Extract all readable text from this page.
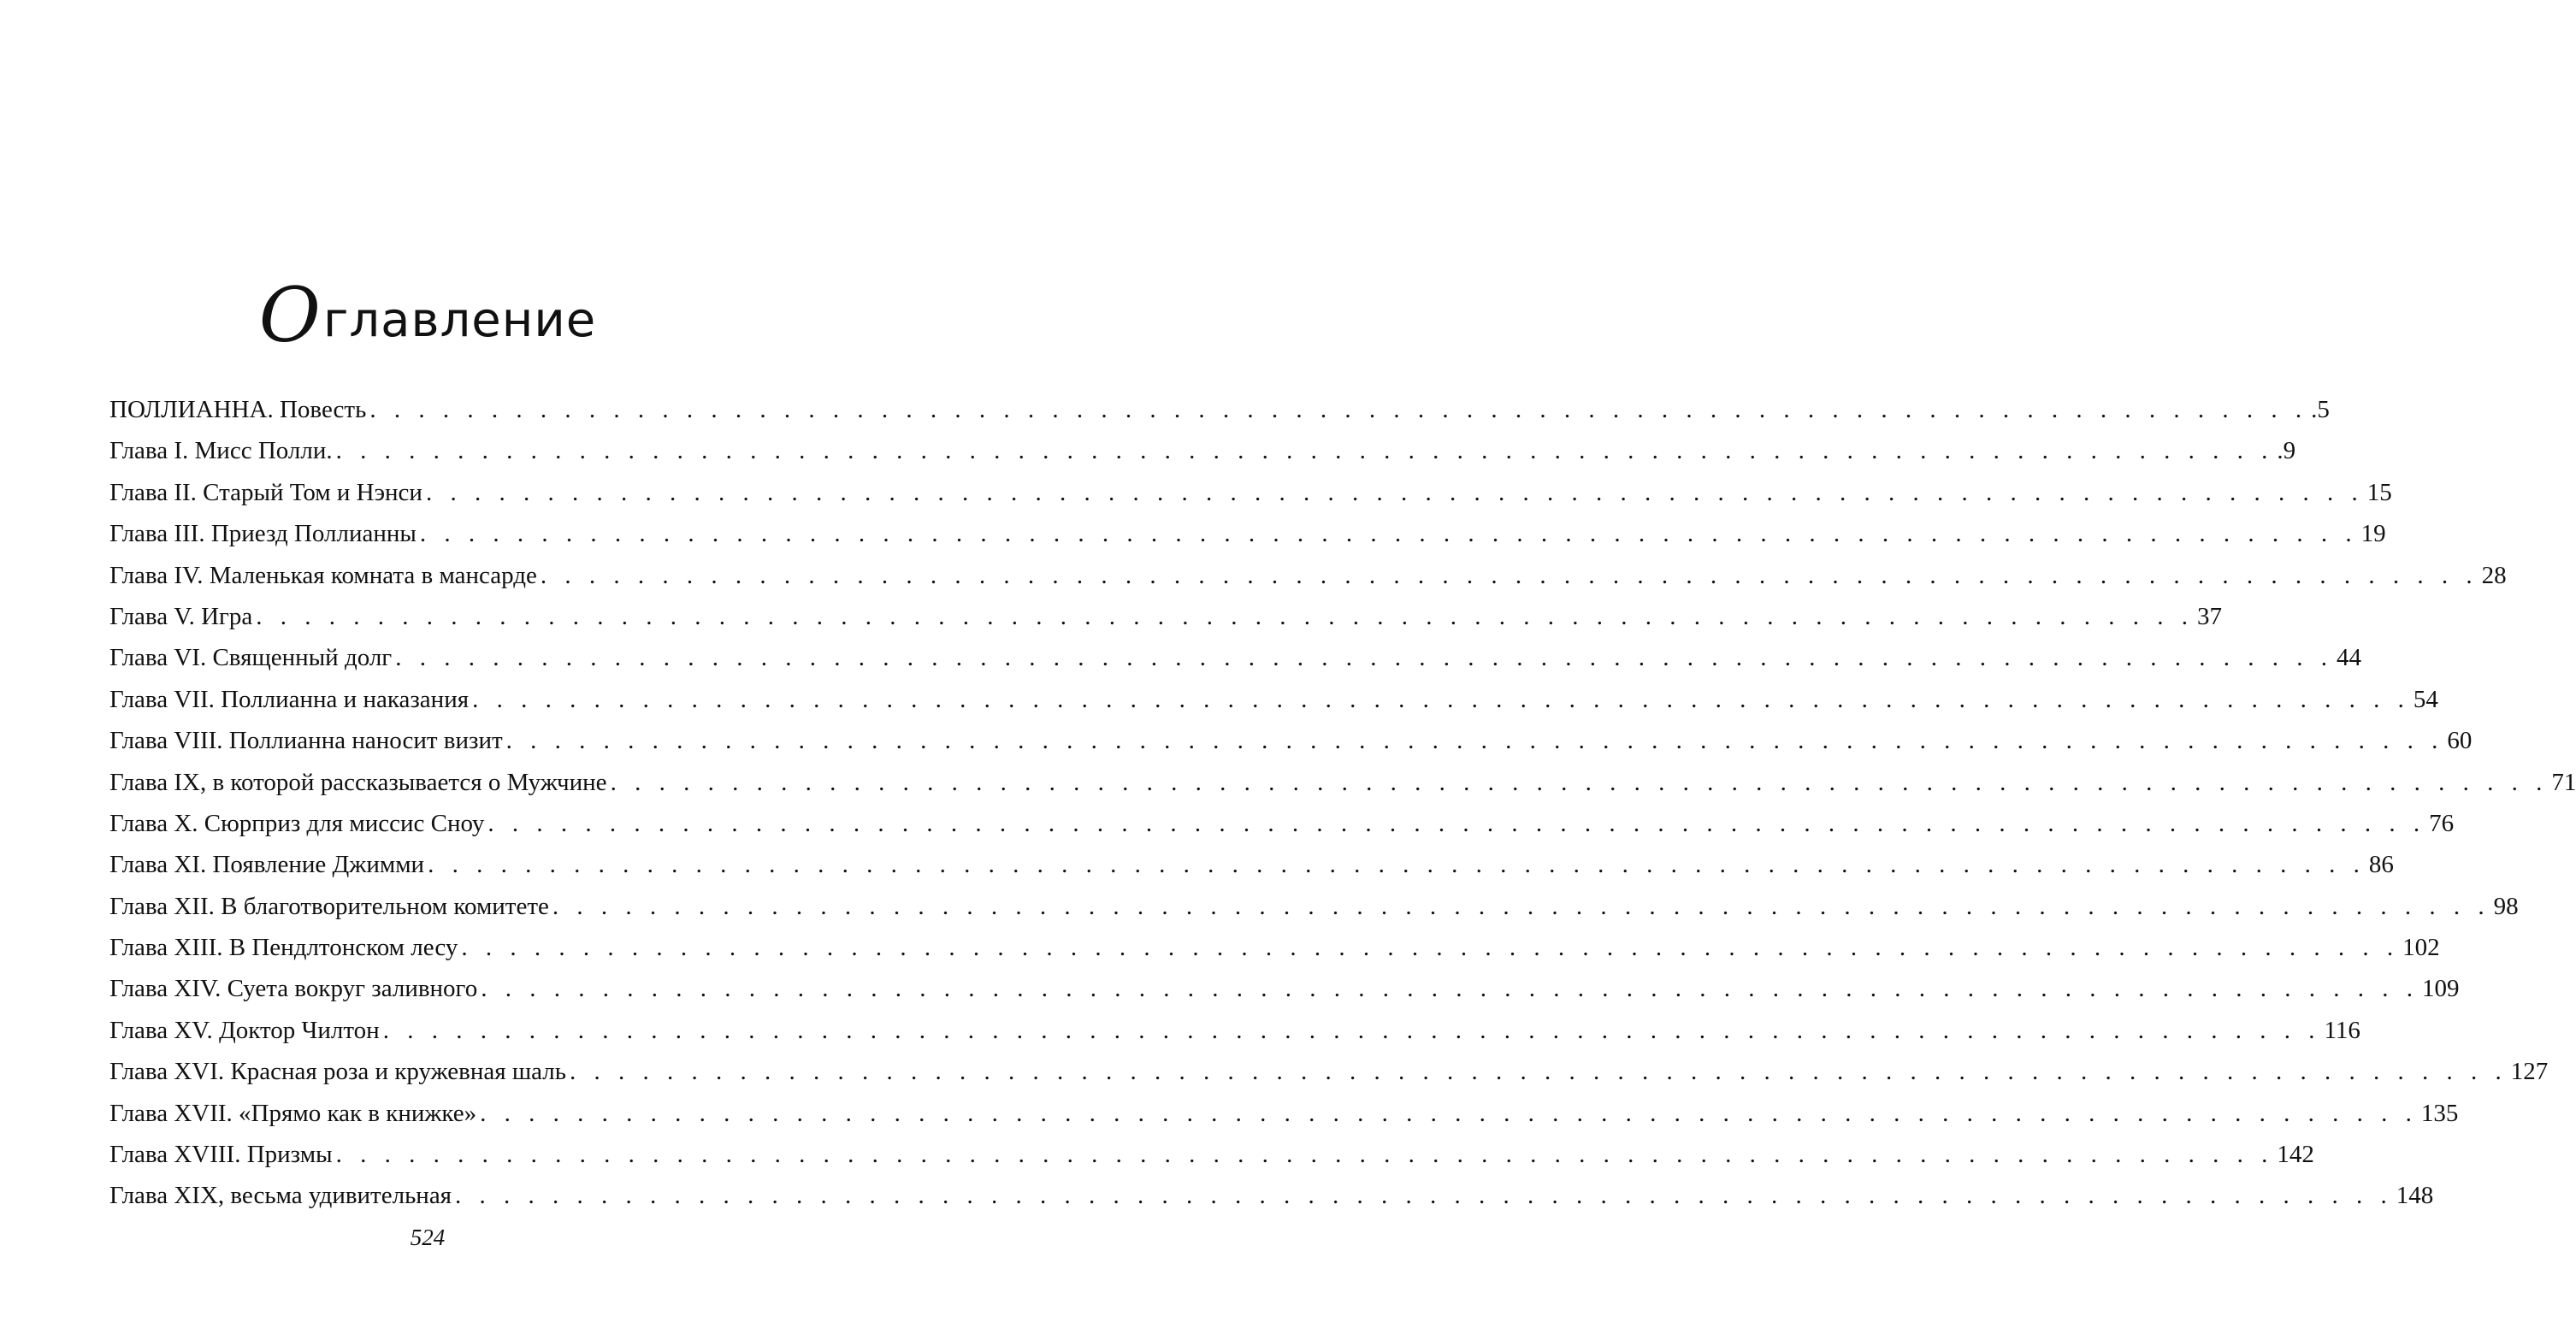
Оглавление
ПОЛЛИАННА. Повесть . . . . . . . . . . . . . . . . . . . . . . . . . . . . . . . . . . . . . . . . . . . . . . . . . . . . . . . . . . . . . . . . . . . . . . . . . . . . . . . . .5
Глава I. Мисс Полли. . . . . . . . . . . . . . . . . . . . . . . . . . . . . . . . . . . . . . . . . . . . . . . . . . . . . . . . . . . . . . . . . . . . . . . . . . . . . . . . . .9
Глава II. Старый Том и Нэнси . . . . . . . . . . . . . . . . . . . . . . . . . . . . . . . . . . . . . . . . . . . . . . . . . . . . . . . . . . . . . . . . . . . . . . . . . . . . . . . . 15
Глава III. Приезд Поллианны . . . . . . . . . . . . . . . . . . . . . . . . . . . . . . . . . . . . . . . . . . . . . . . . . . . . . . . . . . . . . . . . . . . . . . . . . . . . . . . . 19
Глава IV. Маленькая комната в мансарде . . . . . . . . . . . . . . . . . . . . . . . . . . . . . . . . . . . . . . . . . . . . . . . . . . . . . . . . . . . . . . . . . . . . . . . . . . . . . . . . 28
Глава V. Игра . . . . . . . . . . . . . . . . . . . . . . . . . . . . . . . . . . . . . . . . . . . . . . . . . . . . . . . . . . . . . . . . . . . . . . . . . . . . . . . . 37
Глава VI. Священный долг . . . . . . . . . . . . . . . . . . . . . . . . . . . . . . . . . . . . . . . . . . . . . . . . . . . . . . . . . . . . . . . . . . . . . . . . . . . . . . . . 44
Глава VII. Поллианна и наказания . . . . . . . . . . . . . . . . . . . . . . . . . . . . . . . . . . . . . . . . . . . . . . . . . . . . . . . . . . . . . . . . . . . . . . . . . . . . . . . . 54
Глава VIII. Поллианна наносит визит . . . . . . . . . . . . . . . . . . . . . . . . . . . . . . . . . . . . . . . . . . . . . . . . . . . . . . . . . . . . . . . . . . . . . . . . . . . . . . . . 60
Глава IX, в которой рассказывается о Мужчине . . . . . . . . . . . . . . . . . . . . . . . . . . . . . . . . . . . . . . . . . . . . . . . . . . . . . . . . . . . . . . . . . . . . . . . . . . . . . . . . 71
Глава X. Сюрприз для миссис Сноу . . . . . . . . . . . . . . . . . . . . . . . . . . . . . . . . . . . . . . . . . . . . . . . . . . . . . . . . . . . . . . . . . . . . . . . . . . . . . . . . 76
Глава XI. Появление Джимми . . . . . . . . . . . . . . . . . . . . . . . . . . . . . . . . . . . . . . . . . . . . . . . . . . . . . . . . . . . . . . . . . . . . . . . . . . . . . . . . 86
Глава XII. В благотворительном комитете . . . . . . . . . . . . . . . . . . . . . . . . . . . . . . . . . . . . . . . . . . . . . . . . . . . . . . . . . . . . . . . . . . . . . . . . . . . . . . . . 98
Глава XIII. В Пендлтонском лесу . . . . . . . . . . . . . . . . . . . . . . . . . . . . . . . . . . . . . . . . . . . . . . . . . . . . . . . . . . . . . . . . . . . . . . . . . . . . . . . . 102
Глава XIV. Суета вокруг заливного . . . . . . . . . . . . . . . . . . . . . . . . . . . . . . . . . . . . . . . . . . . . . . . . . . . . . . . . . . . . . . . . . . . . . . . . . . . . . . . . 109
Глава XV. Доктор Чилтон . . . . . . . . . . . . . . . . . . . . . . . . . . . . . . . . . . . . . . . . . . . . . . . . . . . . . . . . . . . . . . . . . . . . . . . . . . . . . . . . 116
Глава XVI. Красная роза и кружевная шаль . . . . . . . . . . . . . . . . . . . . . . . . . . . . . . . . . . . . . . . . . . . . . . . . . . . . . . . . . . . . . . . . . . . . . . . . . . . . . . . . 127
Глава XVII. «Прямо как в книжке» . . . . . . . . . . . . . . . . . . . . . . . . . . . . . . . . . . . . . . . . . . . . . . . . . . . . . . . . . . . . . . . . . . . . . . . . . . . . . . . . 135
Глава XVIII. Призмы . . . . . . . . . . . . . . . . . . . . . . . . . . . . . . . . . . . . . . . . . . . . . . . . . . . . . . . . . . . . . . . . . . . . . . . . . . . . . . . . 142
Глава XIX, весьма удивительная . . . . . . . . . . . . . . . . . . . . . . . . . . . . . . . . . . . . . . . . . . . . . . . . . . . . . . . . . . . . . . . . . . . . . . . . . . . . . . . . 148
524
